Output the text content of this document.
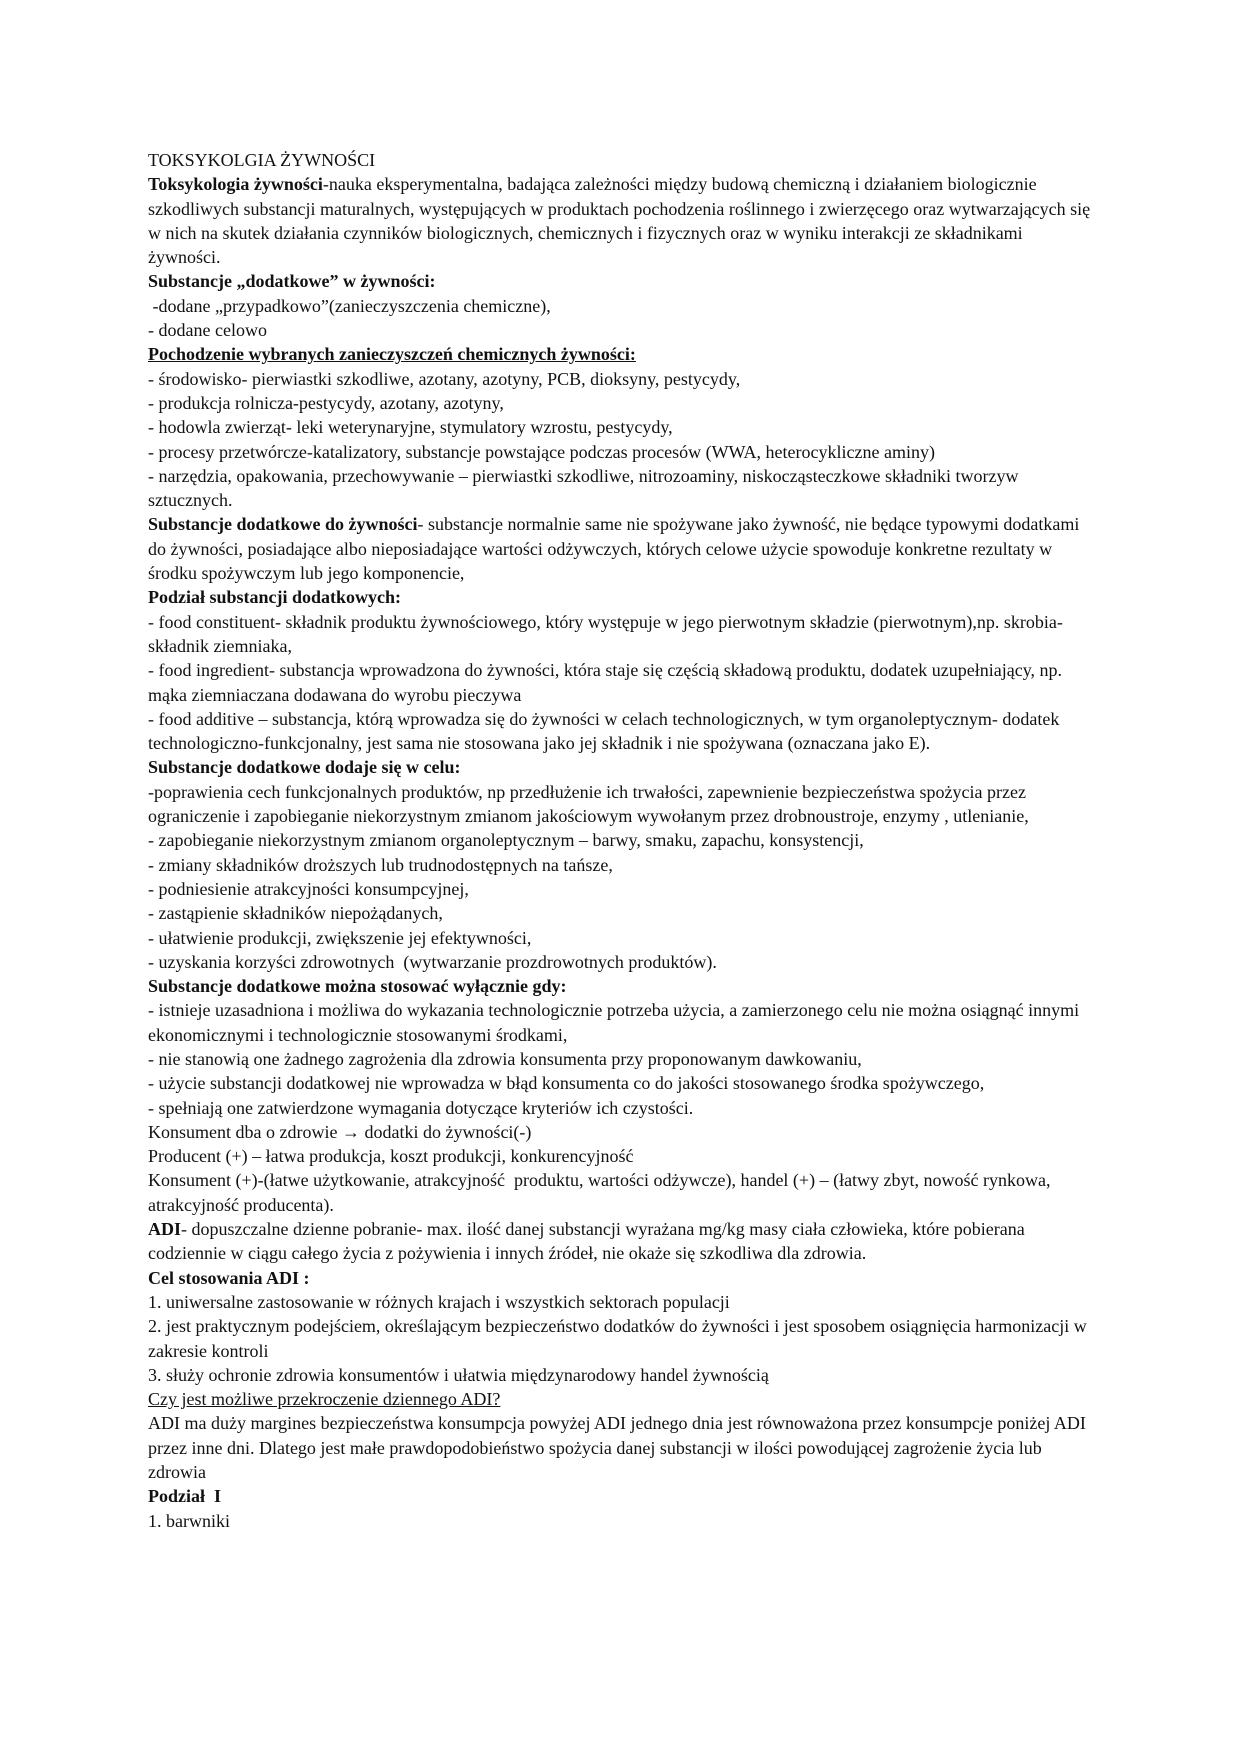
TOKSYKOLGIA ŻYWNOŚCI

Toksykologia żywności-nauka eksperymentalna, badająca zależności między budową chemiczną i działaniem biologicznie szkodliwych substancji maturalnych, występujących w produktach pochodzenia roślinnego i zwierzęcego oraz wytwarzających się w nich na skutek działania czynników biologicznych, chemicznych i fizycznych oraz w wyniku interakcji ze składnikami żywności.

Substancje „dodatkowe” w żywności:

-dodane „przypadkowo”(zanieczyszczenia chemiczne),

- dodane celowo

Pochodzenie wybranych zanieczyszczeń chemicznych żywności:

- środowisko- pierwiastki szkodliwe, azotany, azotyny, PCB, dioksyny, pestycydy,

- produkcja rolnicza-pestycydy, azotany, azotyny,

- hodowla zwierząt- leki weterynaryjne, stymulatory wzrostu, pestycydy,

- procesy przetwórcze-katalizatory, substancje powstające podczas procesów (WWA, heterocykliczne aminy)

- narzędzia, opakowania, przechowywanie – pierwiastki szkodliwe, nitrozoaminy, niskocząsteczkowe składniki tworzyw sztucznych.

Substancje dodatkowe do żywności- substancje normalnie same nie spożywane jako żywność, nie będące typowymi dodatkami do żywności, posiadające albo nieposiadające wartości odżywczych, których celowe użycie spowoduje konkretne rezultaty w środku spożywczym lub jego komponencie,

Podział substancji dodatkowych:

- food constituent- składnik produktu żywnościowego, który występuje w jego pierwotnym składzie (pierwotnym),np. skrobia- składnik ziemniaka,

- food ingredient- substancja wprowadzona do żywności, która staje się częścią składową produktu, dodatek uzupełniający, np. mąka ziemniaczana dodawana do wyrobu pieczywa

- food additive – substancja, którą wprowadza się do żywności w celach technologicznych, w tym organoleptycznym- dodatek technologiczno-funkcjonalny, jest sama nie stosowana jako jej składnik i nie spożywana (oznaczana jako E).

Substancje dodatkowe dodaje się w celu:

-poprawienia cech funkcjonalnych produktów, np przedłużenie ich trwałości, zapewnienie bezpieczeństwa spożycia przez ograniczenie i zapobieganie niekorzystnym zmianom jakościowym wywołanym przez drobnoustroje, enzymy , utlenianie,

- zapobieganie niekorzystnym zmianom organoleptycznym – barwy, smaku, zapachu, konsystencji,

- zmiany składników droższych lub trudnodostępnych na tańsze,

- podniesienie atrakcyjności konsumpcyjnej,

- zastąpienie składników niepożądanych,

- ułatwienie produkcji, zwiększenie jej efektywności,

- uzyskania korzyści zdrowotnych  (wytwarzanie prozdrowotnych produktów).

Substancje dodatkowe można stosować wyłącznie gdy:

- istnieje uzasadniona i możliwa do wykazania technologicznie potrzeba użycia, a zamierzonego celu nie można osiągnąć innymi ekonomicznymi i technologicznie stosowanymi środkami,

- nie stanowią one żadnego zagrożenia dla zdrowia konsumenta przy proponowanym dawkowaniu,

- użycie substancji dodatkowej nie wprowadza w błąd konsumenta co do jakości stosowanego środka spożywczego,

- spełniają one zatwierdzone wymagania dotyczące kryteriów ich czystości.

Konsument dba o zdrowie → dodatki do żywności(-)

Producent (+) – łatwa produkcja, koszt produkcji, konkurencyjność

Konsument (+)-(łatwe użytkowanie, atrakcyjność  produktu, wartości odżywcze), handel (+) – (łatwy zbyt, nowość rynkowa, atrakcyjność producenta).

ADI- dopuszczalne dzienne pobranie- max. ilość danej substancji wyrażana mg/kg masy ciała człowieka, które pobierana codziennie w ciągu całego życia z pożywienia i innych źródeł, nie okaże się szkodliwa dla zdrowia.

Cel stosowania ADI :

1. uniwersalne zastosowanie w różnych krajach i wszystkich sektorach populacji

2. jest praktycznym podejściem, określającym bezpieczeństwo dodatków do żywności i jest sposobem osiągnięcia harmonizacji w zakresie kontroli

3. służy ochronie zdrowia konsumentów i ułatwia międzynarodowy handel żywnością

Czy jest możliwe przekroczenie dziennego ADI?

ADI ma duży margines bezpieczeństwa konsumpcja powyżej ADI jednego dnia jest równoważona przez konsumpcje poniżej ADI przez inne dni. Dlatego jest małe prawdopodobieństwo spożycia danej substancji w ilości powodującej zagrożenie życia lub zdrowia

Podział  I

1. barwniki
